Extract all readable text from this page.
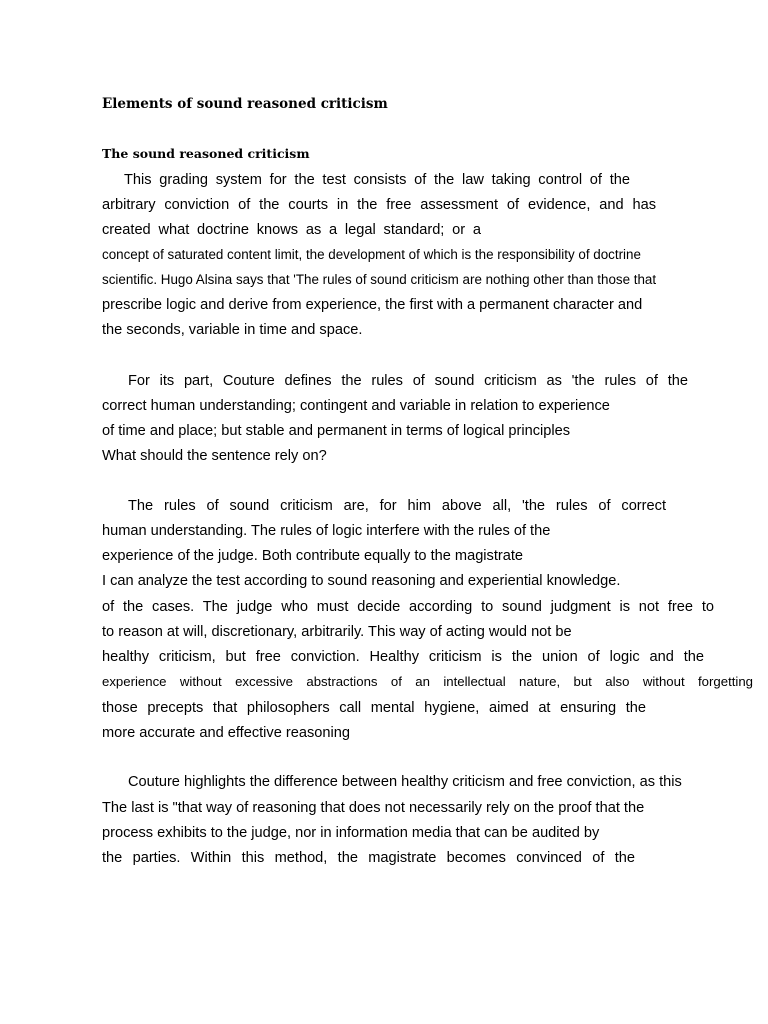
Elements of sound reasoned criticism
The sound reasoned criticism
This grading system for the test consists of the law taking control of the
arbitrary conviction of the courts in the free assessment of evidence, and has
created what doctrine knows as a legal standard; or a
concept of saturated content limit, the development of which is the responsibility of doctrine
scientific. Hugo Alsina says that 'The rules of sound criticism are nothing other than those that
prescribe logic and derive from experience, the first with a permanent character and
the seconds, variable in time and space.
For its part, Couture defines the rules of sound criticism as 'the rules of the
correct human understanding; contingent and variable in relation to experience
of time and place; but stable and permanent in terms of logical principles
What should the sentence rely on?
The rules of sound criticism are, for him above all, 'the rules of correct
human understanding. The rules of logic interfere with the rules of the
experience of the judge. Both contribute equally to the magistrate
I can analyze the test according to sound reasoning and experiential knowledge.
of the cases. The judge who must decide according to sound judgment is not free to
to reason at will, discretionary, arbitrarily. This way of acting would not be
healthy criticism, but free conviction. Healthy criticism is the union of logic and the
experience without excessive abstractions of an intellectual nature, but also without forgetting
those precepts that philosophers call mental hygiene, aimed at ensuring the
more accurate and effective reasoning
Couture highlights the difference between healthy criticism and free conviction, as this
The last is "that way of reasoning that does not necessarily rely on the proof that the
process exhibits to the judge, nor in information media that can be audited by
the parties. Within this method, the magistrate becomes convinced of the
